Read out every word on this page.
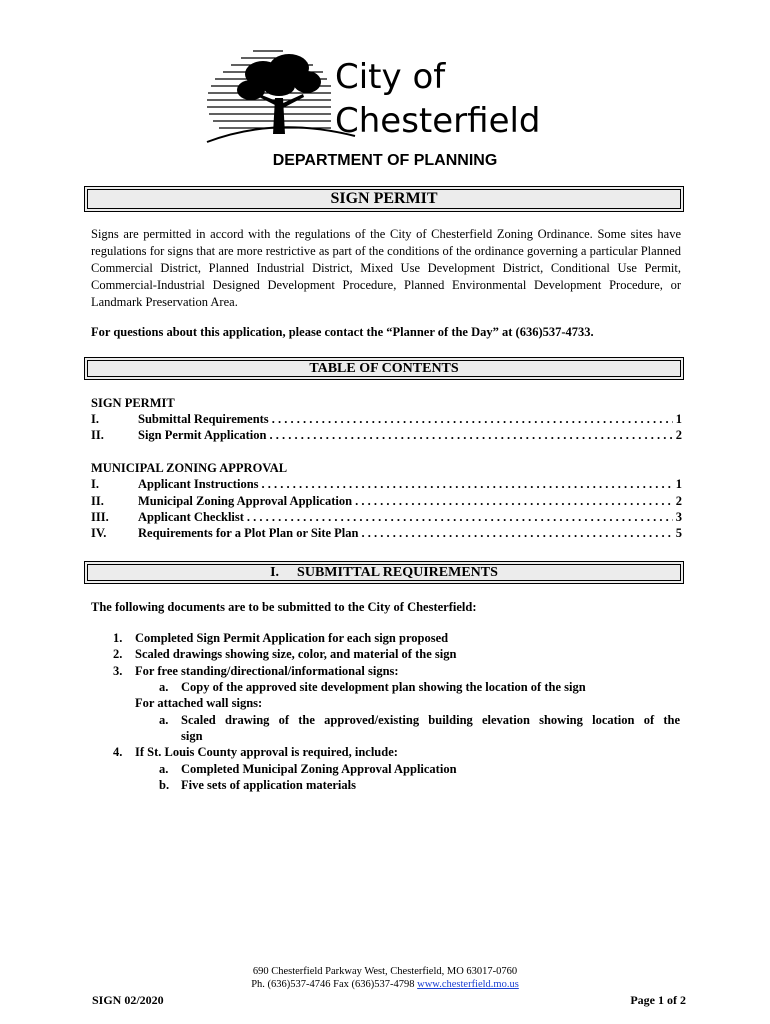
City of
Chesterfield
DEPARTMENT OF PLANNING
SIGN PERMIT

Signs are permitted in accord with the regulations of the City of Chesterfield Zoning Ordinance. Some sites have regulations for signs that are more restrictive as part of the conditions of the ordinance governing a particular Planned Commercial District, Planned Industrial District, Mixed Use Development District, Conditional Use Permit, Commercial-Industrial Designed Development Procedure, Planned Environmental Development Procedure, or Landmark Preservation Area.

For questions about this application, please contact the “Planner of the Day” at (636)537-4733.

TABLE OF CONTENTS
SIGN PERMIT
I.	Submittal Requirements . . .	1
II.	Sign Permit Application . . .	2
MUNICIPAL ZONING APPROVAL
I.	Applicant Instructions . . .	1
II.	Municipal Zoning Approval Application . . .	2
III.	Applicant Checklist . . .	3
IV.	Requirements for a Plot Plan or Site Plan . . .	5
I. SUBMITTAL REQUIREMENTS
The following documents are to be submitted to the City of Chesterfield:
1. Completed Sign Permit Application for each sign proposed
2. Scaled drawings showing size, color, and material of the sign
3. For free standing/directional/informational signs:
a. Copy of the approved site development plan showing the location of the sign
For attached wall signs:
a. Scaled drawing of the approved/existing building elevation showing location of the
sign
4. If St. Louis County approval is required, include:
a. Completed Municipal Zoning Approval Application
b. Five sets of application materials
690 Chesterfield Parkway West, Chesterfield, MO 63017-0760
Ph. (636)537-4746 Fax (636)537-4798 www.chesterfield.mo.us
SIGN 02/2020	Page 1 of 2
